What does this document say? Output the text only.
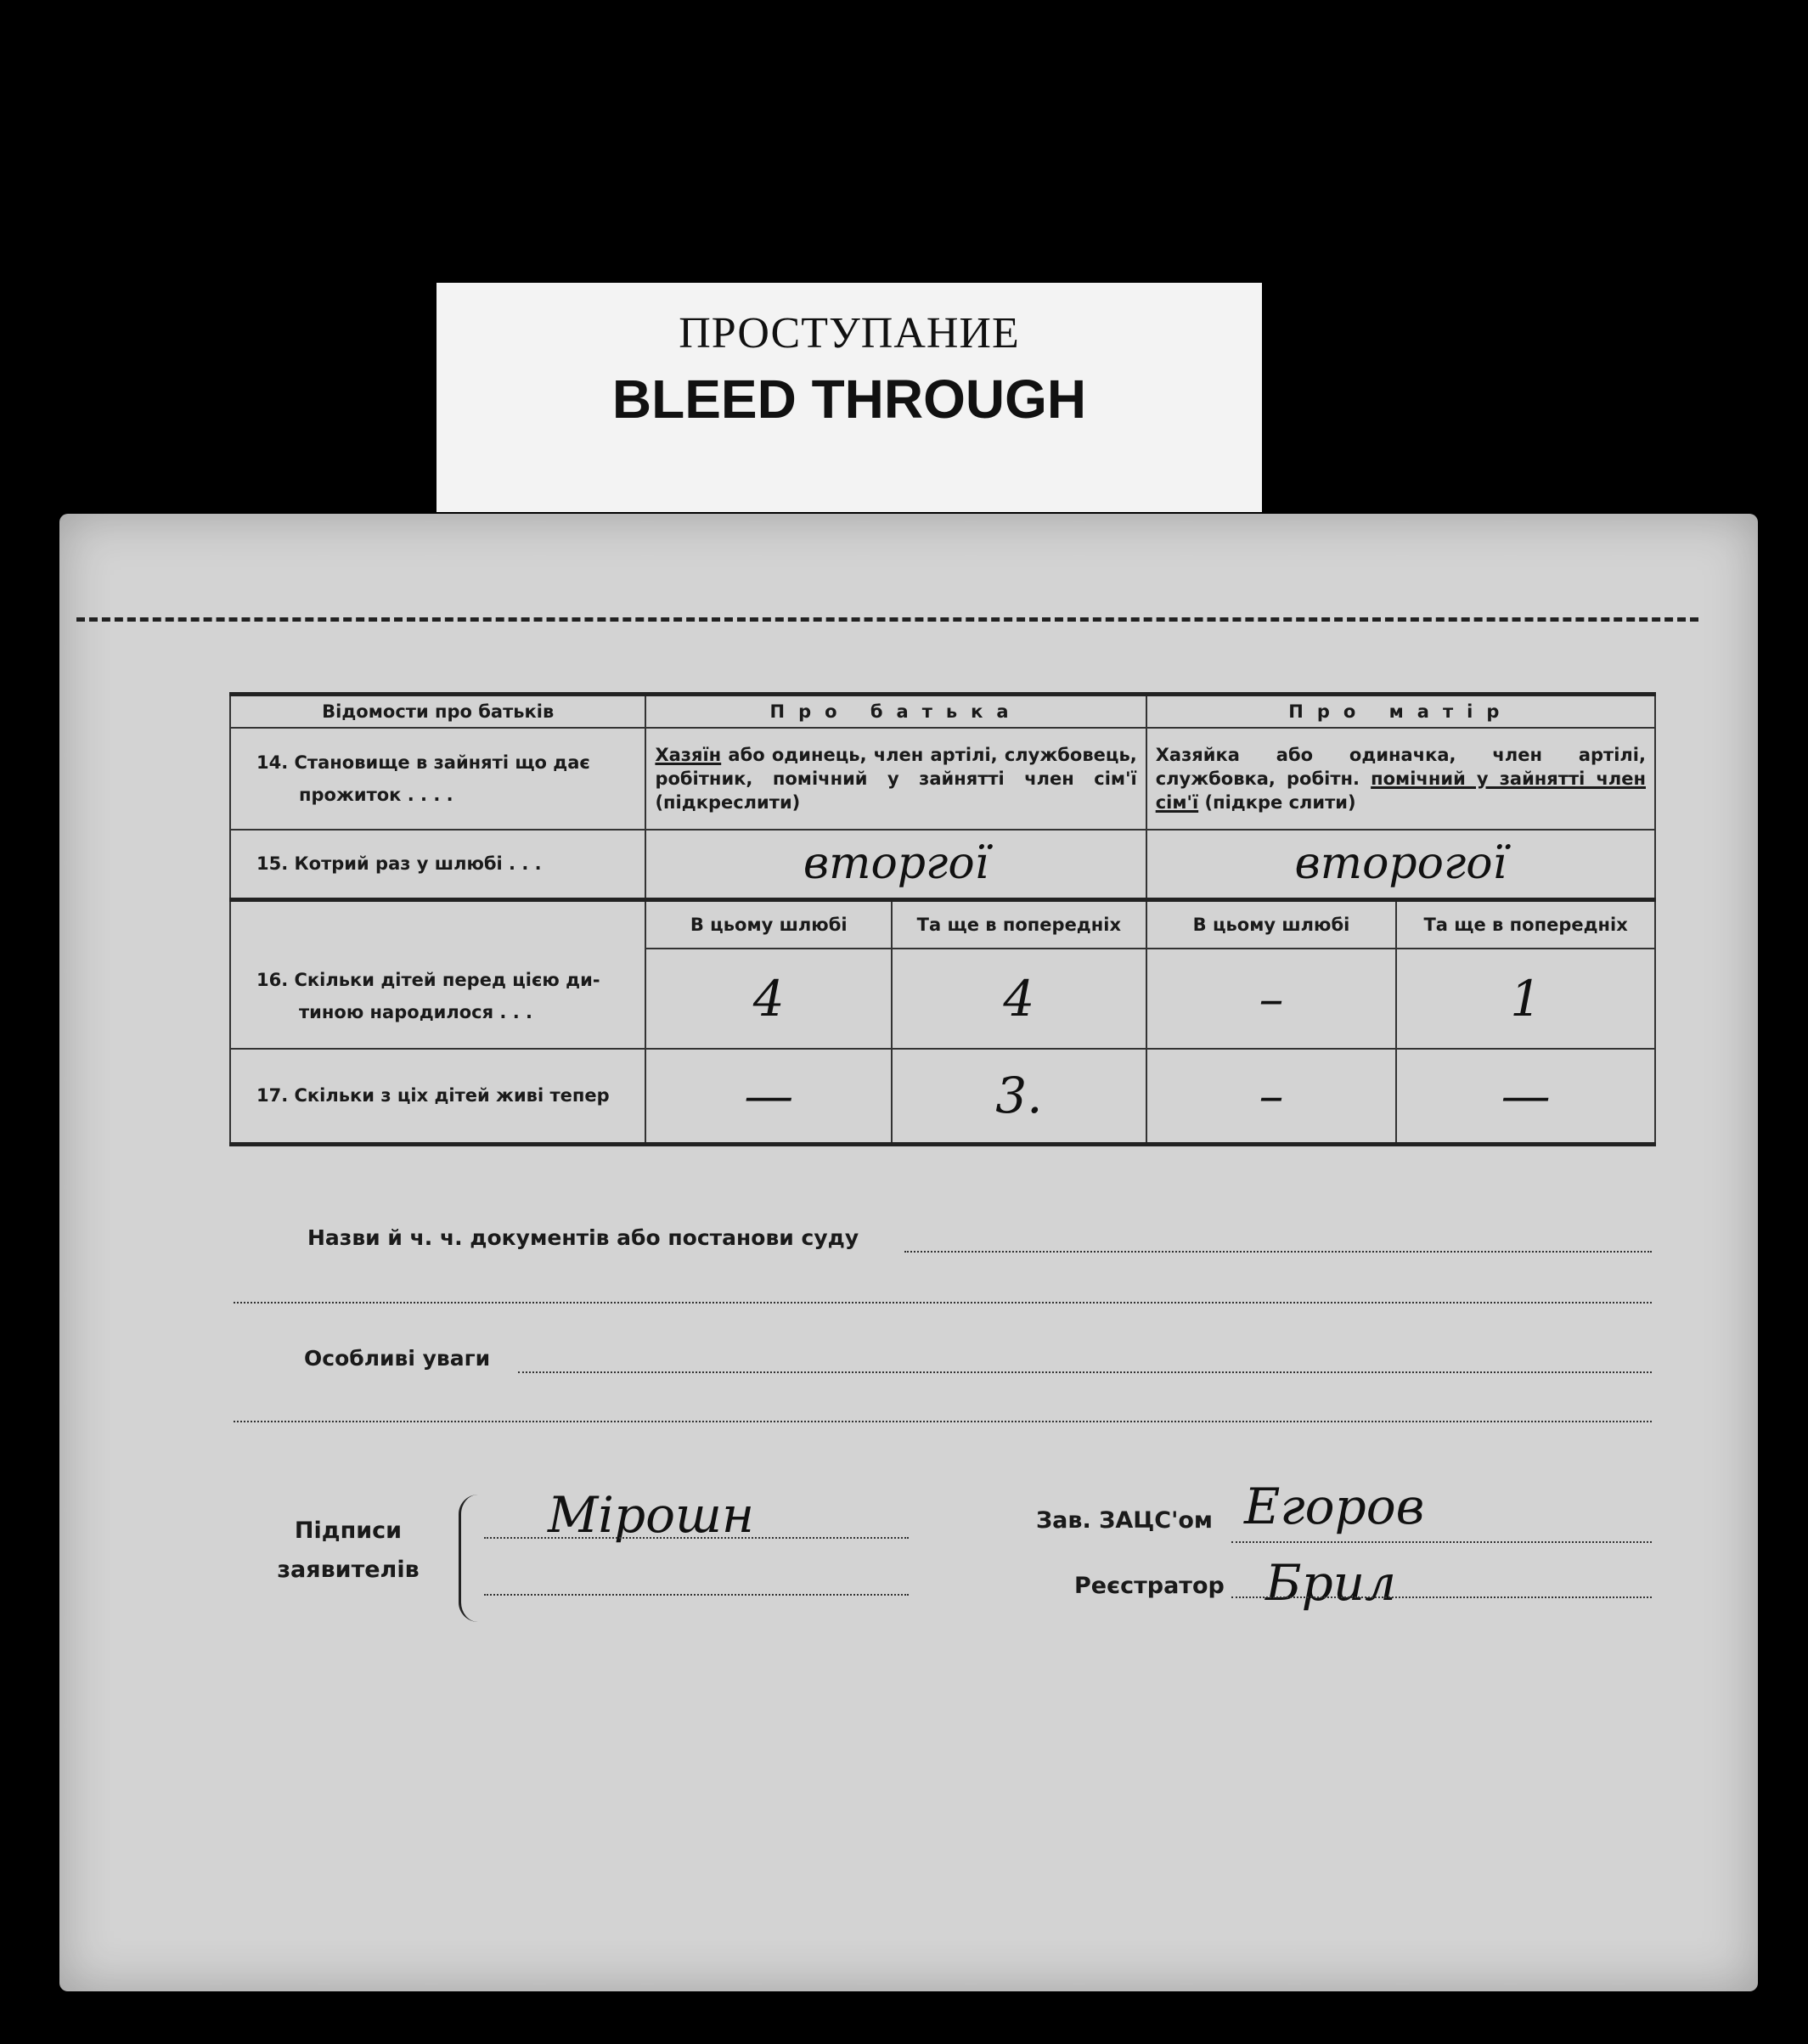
ПРОСТУПАНИЕ
BLEED THROUGH
Відомости про батьків	Про батька		Про матір	

14. Становище в зайняті що дає
прожиток . . . .	Хазяїн або одинець, член артілі, службовець, робітник, помічний у зайнятті член сім'ї (підкреслити)		Хазяйка або одиначка, член артілі, службовка, робітн. помічний у зайнятті член сім'ї (підкре слити)	
15. Котрий раз у шлюбі . . .	вторгої		второгої	

16. Скільки дітей перед цією ди-
тиною народилося . . .	В цьому шлюбі	Та ще в попередніх	В цьому шлюбі	Та ще в попередніх
	4	4	–	1
17. Скільки з ціх дітей живі тепер	—	3.	–	—
Назви й ч. ч. документів або постанови суду
Особливі уваги
Підписи
заявителів
Мірошн	Зав. ЗАЦС'ом Егоров
Реєстратор Брил
